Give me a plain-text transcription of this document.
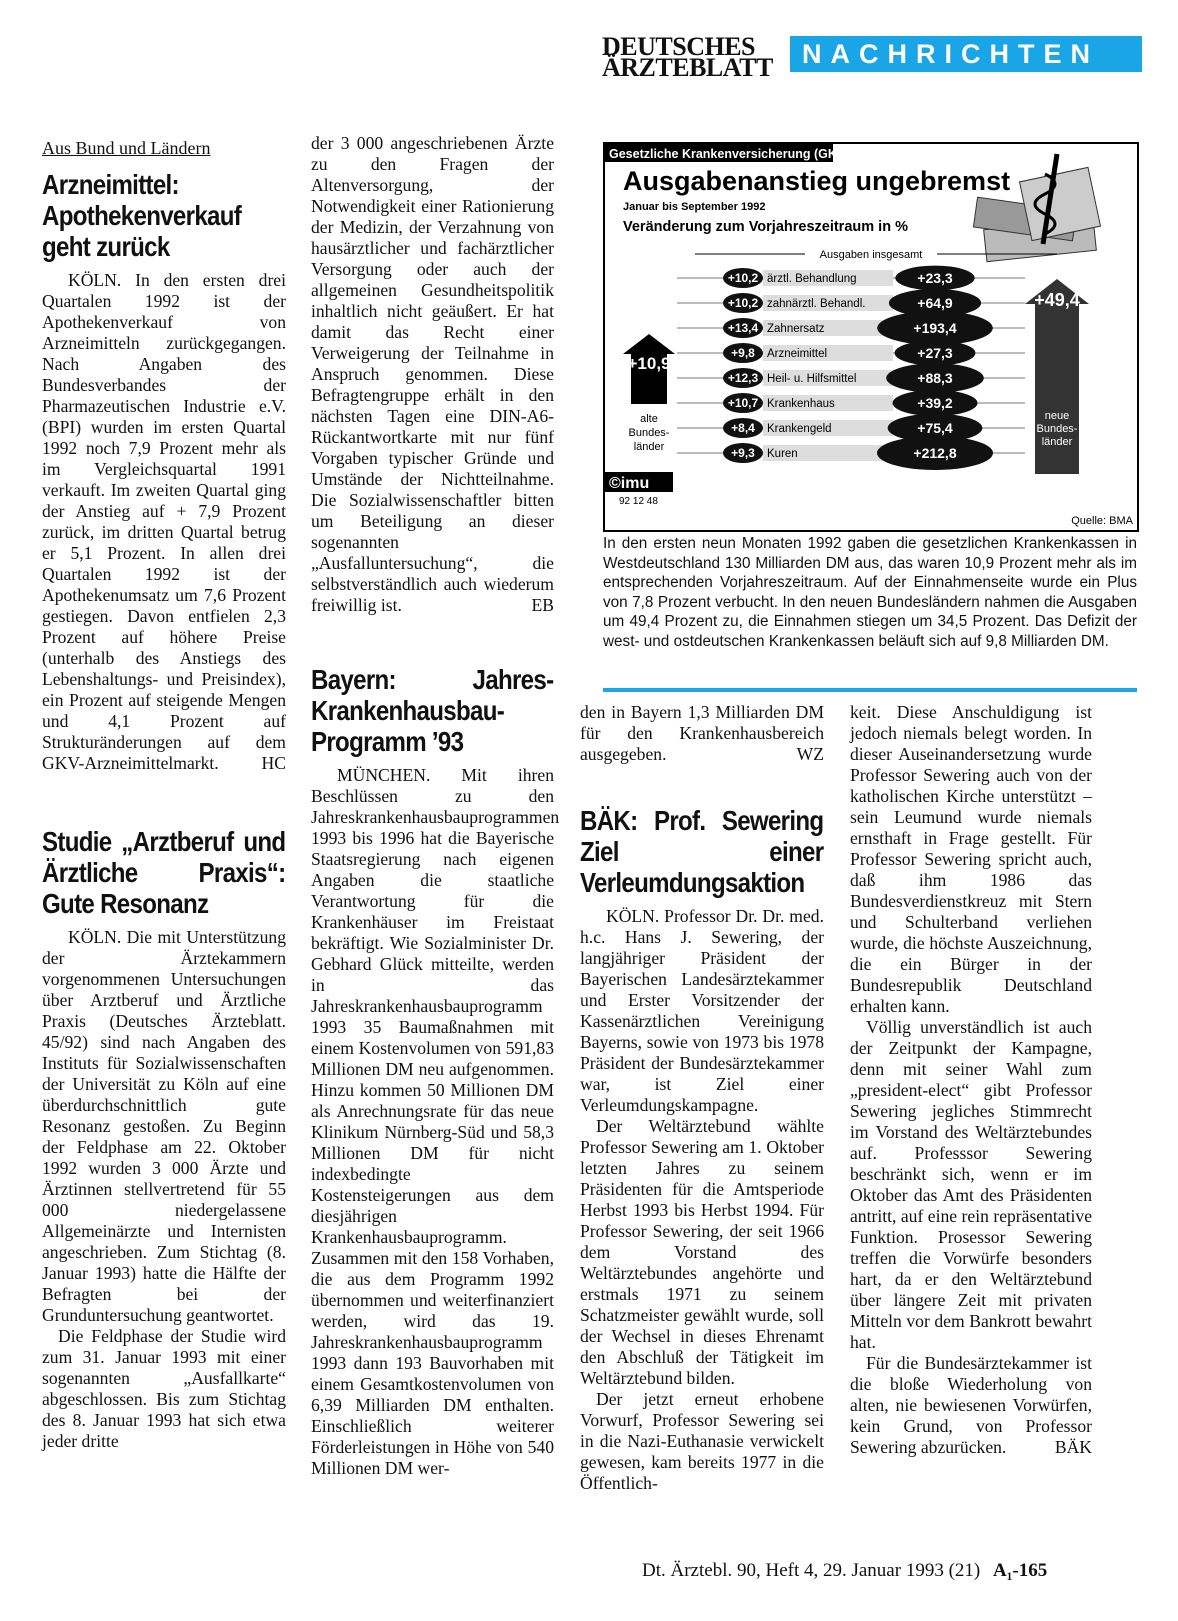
DEUTSCHES
ÄRZTEBLATT	NACHRICHTEN
Aus Bund und Ländern
Arzneimittel: Apothekenverkauf geht zurück

KÖLN. In den ersten drei Quartalen 1992 ist der Apothekenverkauf von Arzneimitteln zurückgegangen. Nach Angaben des Bundesverbandes der Pharmazeutischen Industrie e.V. (BPI) wurden im ersten Quartal 1992 noch 7,9 Prozent mehr als im Vergleichsquartal 1991 verkauft. Im zweiten Quartal ging der Anstieg auf + 7,9 Prozent zurück, im dritten Quartal betrug er 5,1 Prozent. In allen drei Quartalen 1992 ist der Apothekenumsatz um 7,6 Prozent gestiegen. Davon entfielen 2,3 Prozent auf höhere Preise (unterhalb des Anstiegs des Lebenshaltungs- und Preisindex), ein Prozent auf steigende Mengen und 4,1 Prozent auf Strukturänderungen auf dem GKV-Arzneimittelmarkt. HC

Studie „Arztberuf und Ärztliche Praxis“: Gute Resonanz

KÖLN. Die mit Unterstützung der Ärztekammern vorgenommenen Untersuchungen über Arztberuf und Ärztliche Praxis (Deutsches Ärzteblatt. 45/92) sind nach Angaben des Instituts für Sozialwissenschaften der Universität zu Köln auf eine überdurchschnittlich gute Resonanz gestoßen. Zu Beginn der Feldphase am 22. Oktober 1992 wurden 3 000 Ärzte und Ärztinnen stellvertretend für 55 000 niedergelassene Allgemeinärzte und Internisten angeschrieben. Zum Stichtag (8. Januar 1993) hatte die Hälfte der Befragten bei der Grunduntersuchung geantwortet.

Die Feldphase der Studie wird zum 31. Januar 1993 mit einer sogenannten „Ausfallkarte“ abgeschlossen. Bis zum Stichtag des 8. Januar 1993 hat sich etwa jeder dritte

der 3 000 angeschriebenen Ärzte zu den Fragen der Altenversorgung, der Notwendigkeit einer Rationierung der Medizin, der Verzahnung von hausärztlicher und fachärztlicher Versorgung oder auch der allgemeinen Gesundheitspolitik inhaltlich nicht geäußert. Er hat damit das Recht einer Verweigerung der Teilnahme in Anspruch genommen. Diese Befragtengruppe erhält in den nächsten Tagen eine DIN-A6-Rückantwortkarte mit nur fünf Vorgaben typischer Gründe und Umstände der Nichtteilnahme. Die Sozialwissenschaftler bitten um Beteiligung an dieser sogenannten „Ausfalluntersuchung“, die selbstverständlich auch wiederum freiwillig ist.	EB

Bayern: Jahres-Krankenhausbau-Programm ’93

MÜNCHEN. Mit ihren Beschlüssen zu den Jahreskrankenhausbauprogrammen 1993 bis 1996 hat die Bayerische Staatsregierung nach eigenen Angaben die staatliche Verantwortung für die Krankenhäuser im Freistaat bekräftigt. Wie Sozialminister Dr. Gebhard Glück mitteilte, werden in das Jahreskrankenhausbauprogramm 1993 35 Baumaßnahmen mit einem Kostenvolumen von 591,83 Millionen DM neu aufgenommen. Hinzu kommen 50 Millionen DM als Anrechnungsrate für das neue Klinikum Nürnberg-Süd und 58,3 Millionen DM für nicht indexbedingte Kostensteigerungen aus dem diesjährigen Krankenhausbauprogramm. Zusammen mit den 158 Vorhaben, die aus dem Programm 1992 übernommen und weiterfinanziert werden, wird das 19. Jahreskrankenhausbauprogramm 1993 dann 193 Bauvorhaben mit einem Gesamtkostenvolumen von 6,39 Milliarden DM enthalten. Einschließlich weiterer Förderleistungen in Höhe von 540 Millionen DM wer-

Gesetzliche Krankenversicherung (GKV)
Ausgabenanstieg ungebremst
Januar bis September 1992
Veränderung zum Vorjahreszeitraum in %
Ausgaben insgesamt
+10,2 ärztl. Behandlung	+23,3
+10,2 zahnärztl. Behandl.	+64,9
+13,4 Zahnersatz	+193,4
+9,8 Arzneimittel	+27,3
+12,3 Heil- u. Hilfsmittel	+88,3
+10,7 Krankenhaus	+39,2
+8,4 Krankengeld	+75,4
+9,3 Kuren	+212,8
+10,9
alte
Bundes-
länder
+49,4
neue
Bundes-
länder
©imu
92 12 48
Quelle: BMA
In den ersten neun Monaten 1992 gaben die gesetzlichen Krankenkassen in Westdeutschland 130 Milliarden DM aus, das waren 10,9 Prozent mehr als im entsprechenden Vorjahreszeitraum. Auf der Einnahmenseite wurde ein Plus von 7,8 Prozent verbucht. In den neuen Bundesländern nahmen die Ausgaben um 49,4 Prozent zu, die Einnahmen stiegen um 34,5 Prozent. Das Defizit der west- und ostdeutschen Krankenkassen beläuft sich auf 9,8 Milliarden DM.

den in Bayern 1,3 Milliarden DM für den Krankenhausbereich ausgegeben.	WZ

BÄK: Prof. Sewering Ziel einer Verleumdungsaktion

KÖLN. Professor Dr. Dr. med. h.c. Hans J. Sewering, der langjähriger Präsident der Bayerischen Landesärztekammer und Erster Vorsitzender der Kassenärztlichen Vereinigung Bayerns, sowie von 1973 bis 1978 Präsident der Bundesärztekammer war, ist Ziel einer Verleumdungskampagne.

Der Weltärztebund wählte Professor Sewering am 1. Oktober letzten Jahres zu seinem Präsidenten für die Amtsperiode Herbst 1993 bis Herbst 1994. Für Professor Sewering, der seit 1966 dem Vorstand des Weltärztebundes angehörte und erstmals 1971 zu seinem Schatzmeister gewählt wurde, soll der Wechsel in dieses Ehrenamt den Abschluß der Tätigkeit im Weltärztebund bilden.

Der jetzt erneut erhobene Vorwurf, Professor Sewering sei in die Nazi-Euthanasie verwickelt gewesen, kam bereits 1977 in die Öffentlich-

keit. Diese Anschuldigung ist jedoch niemals belegt worden. In dieser Auseinandersetzung wurde Professor Sewering auch von der katholischen Kirche unterstützt – sein Leumund wurde niemals ernsthaft in Frage gestellt. Für Professor Sewering spricht auch, daß ihm 1986 das Bundesverdienstkreuz mit Stern und Schulterband verliehen wurde, die höchste Auszeichnung, die ein Bürger in der Bundesrepublik Deutschland erhalten kann.

Völlig unverständlich ist auch der Zeitpunkt der Kampagne, denn mit seiner Wahl zum „president-elect“ gibt Professor Sewering jegliches Stimmrecht im Vorstand des Weltärztebundes auf. Professsor Sewering beschränkt sich, wenn er im Oktober das Amt des Präsidenten antritt, auf eine rein repräsentative Funktion. Prosessor Sewering treffen die Vorwürfe besonders hart, da er den Weltärztebund über längere Zeit mit privaten Mitteln vor dem Bankrott bewahrt hat.

Für die Bundesärztekammer ist die bloße Wiederholung von alten, nie bewiesenen Vorwürfen, kein Grund, von Professor Sewering abzurücken.	BÄK

Dt. Ärztebl. 90, Heft 4, 29. Januar 1993 (21) A₁-165
